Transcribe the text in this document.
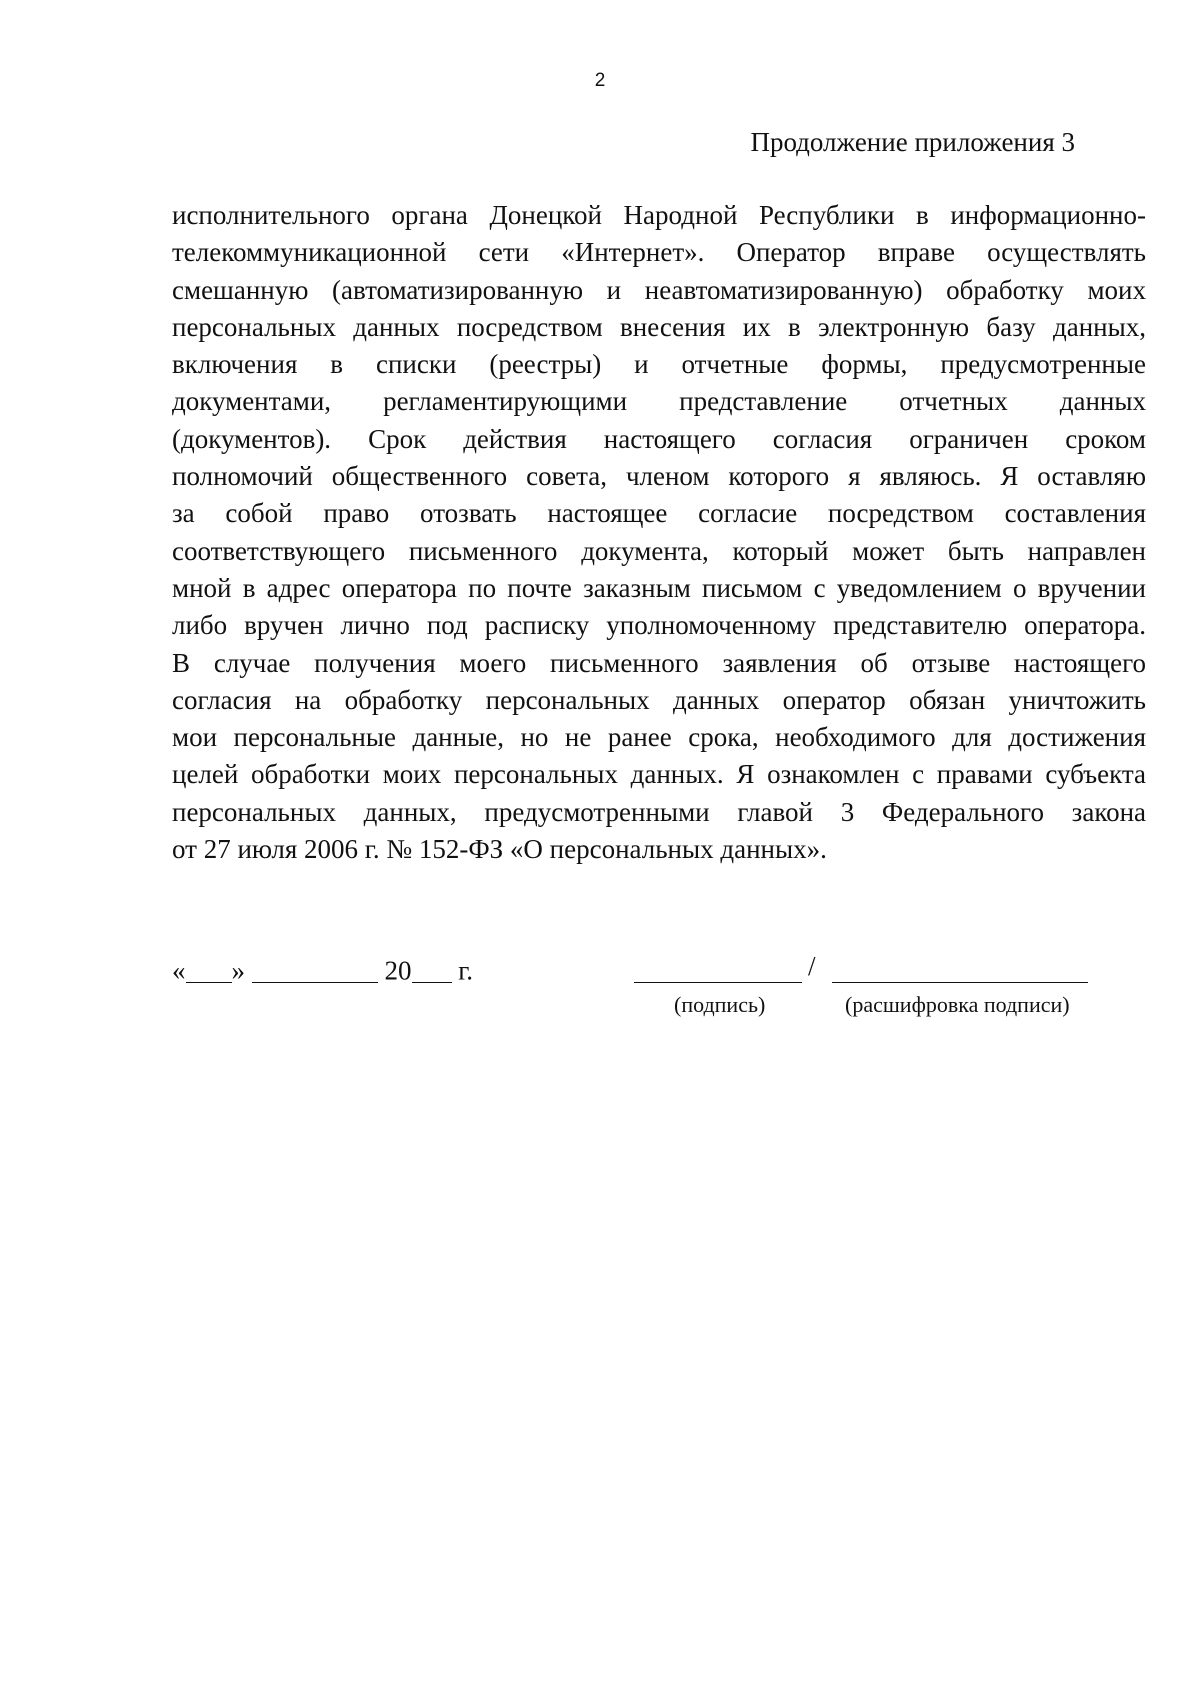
2
Продолжение приложения 3
исполнительного органа Донецкой Народной Республики в информационно-
телекоммуникационной сети «Интернет». Оператор вправе осуществлять
смешанную (автоматизированную и неавтоматизированную) обработку моих
персональных данных посредством внесения их в электронную базу данных,
включения в списки (реестры) и отчетные формы, предусмотренные
документами, регламентирующими представление отчетных данных
(документов). Срок действия настоящего согласия ограничен сроком
полномочий общественного совета, членом которого я являюсь. Я оставляю
за собой право отозвать настоящее согласие посредством составления
соответствующего письменного документа, который может быть направлен
мной в адрес оператора по почте заказным письмом с уведомлением о вручении
либо вручен лично под расписку уполномоченному представителю оператора.
В случае получения моего письменного заявления об отзыве настоящего
согласия на обработку персональных данных оператор обязан уничтожить
мои персональные данные, но не ранее срока, необходимого для достижения
целей обработки моих персональных данных. Я ознакомлен с правами субъекта
персональных данных, предусмотренными главой 3 Федерального закона
от 27 июля 2006 г. № 152-ФЗ «О персональных данных».
« »	20 г.	/
(подпись)	(расшифровка подписи)
